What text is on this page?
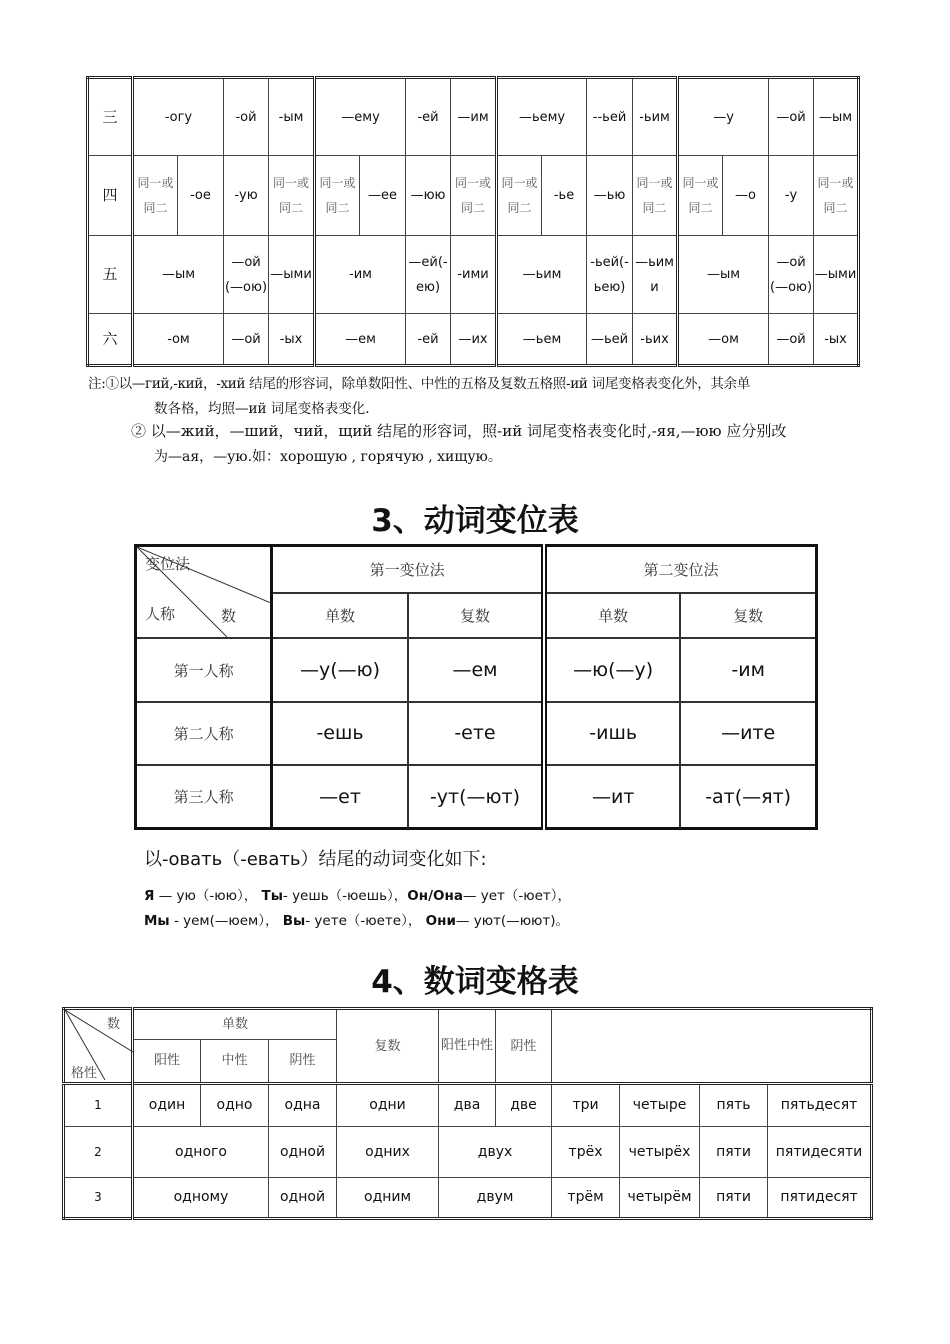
三	-огу		-ой	-ым	—ему		-ей	—им	—ьему		--ьей	-ьим	—у		—ой	—ым
四	同一或同二	-ое	-ую	同一或同二	同一或同二	—ее	—юю	同一或同二	同一或同二	-ье	—ью	同一或同二	同一或同二	—о	-у	同一或同二
五	—ым		—ой(—ою)	—ыми	-им		—ей(-ею)	-ими	—ьим		-ьей(-ьею)	—ьими	—ым		—ой(—ою)	—ыми
六	-ом		—ой	-ых	—ем		-ей	—их	—ьем		—ьей	-ьих	—ом		—ой	-ых
注:①以—гий,-кий，-хий 结尾的形容词，除单数阳性、中性的五格及复数五格照-ий 词尾变格表变化外，其余单
数各格，均照—ий 词尾变格表变化.
② 以—жий，—ший，чий，щий 结尾的形容词，照-ий 词尾变格表变化时,-яя,—юю 应分别改
为—ая，—ую.如：хорошую , горячую , хищую。
3、动词变位表
变位法
人称 数	第一变位法		第二变位法	
	单数	复数	单数	复数
第一人称	—у(—ю)	—ем	—ю(—у)	-им
第二人称	-ешь	-ете	-ишь	—ите
第三人称	—ет	-ут(—ют)	—ит	-ат(—ят)
以-овать（-евать）结尾的动词变化如下:
Я — ую（-юю）， Ты- уешь（-юешь），Он/Она— ует（-юет），
Мы - уем(—юем）， Вы- уете（-юете）， Они— уют(—юют)。
4、数词变格表
数
格性	单数			复数	阳性中性	阴性				
	阳性	中性	阴性							
1	один	одно	одна	одни	два	две	три	четыре	пять	пятьдесят
2	одного		одной	одних	двух		трёх	четырёх	пяти	пятидесяти
3	одному		одной	одним	двум		трём	четырём	пяти	пятидесят
